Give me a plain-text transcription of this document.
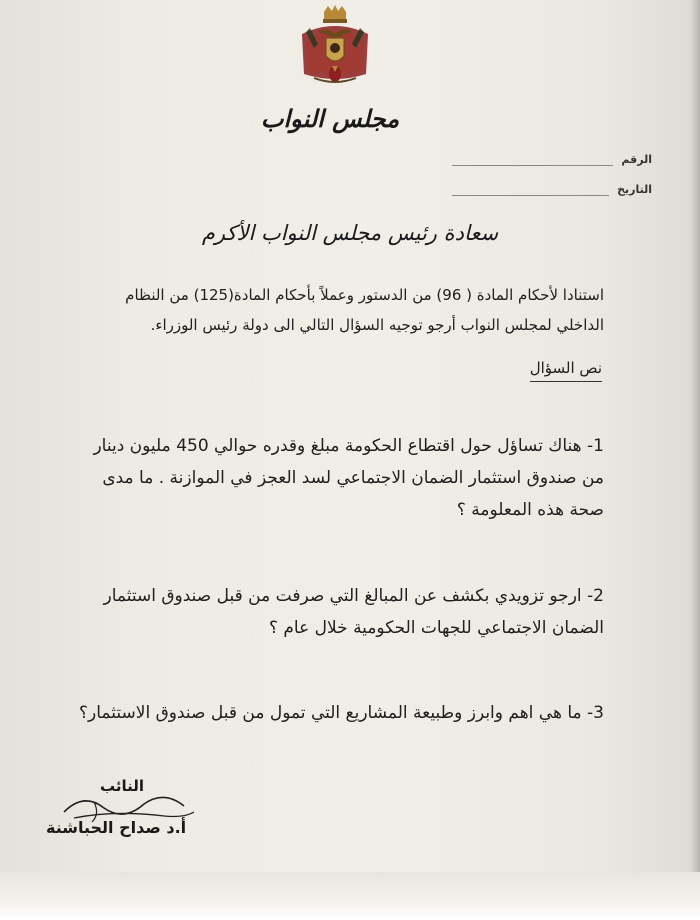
مجلس النواب
الرقم
التاريخ
سعادة رئيس مجلس النواب الأكرم
استنادا لأحكام المادة ( 96) من الدستور وعملاً بأحكام المادة(125) من النظام
الداخلي لمجلس النواب أرجو توجيه السؤال التالي الى دولة رئيس الوزراء.
نص السؤال
1- هناك تساؤل حول اقتطاع الحكومة مبلغ وقدره حوالي 450 مليون دينار
من صندوق استثمار الضمان الاجتماعي لسد العجز في الموازنة . ما مدى
صحة هذه المعلومة ؟
2- ارجو تزويدي بكشف عن المبالغ التي صرفت من قبل صندوق استثمار
الضمان الاجتماعي للجهات الحكومية خلال عام ؟
3- ما هي اهم وابرز وطبيعة المشاريع التي تمول من قبل صندوق الاستثمار؟
النائب
أ.د صداح الحباشنة
